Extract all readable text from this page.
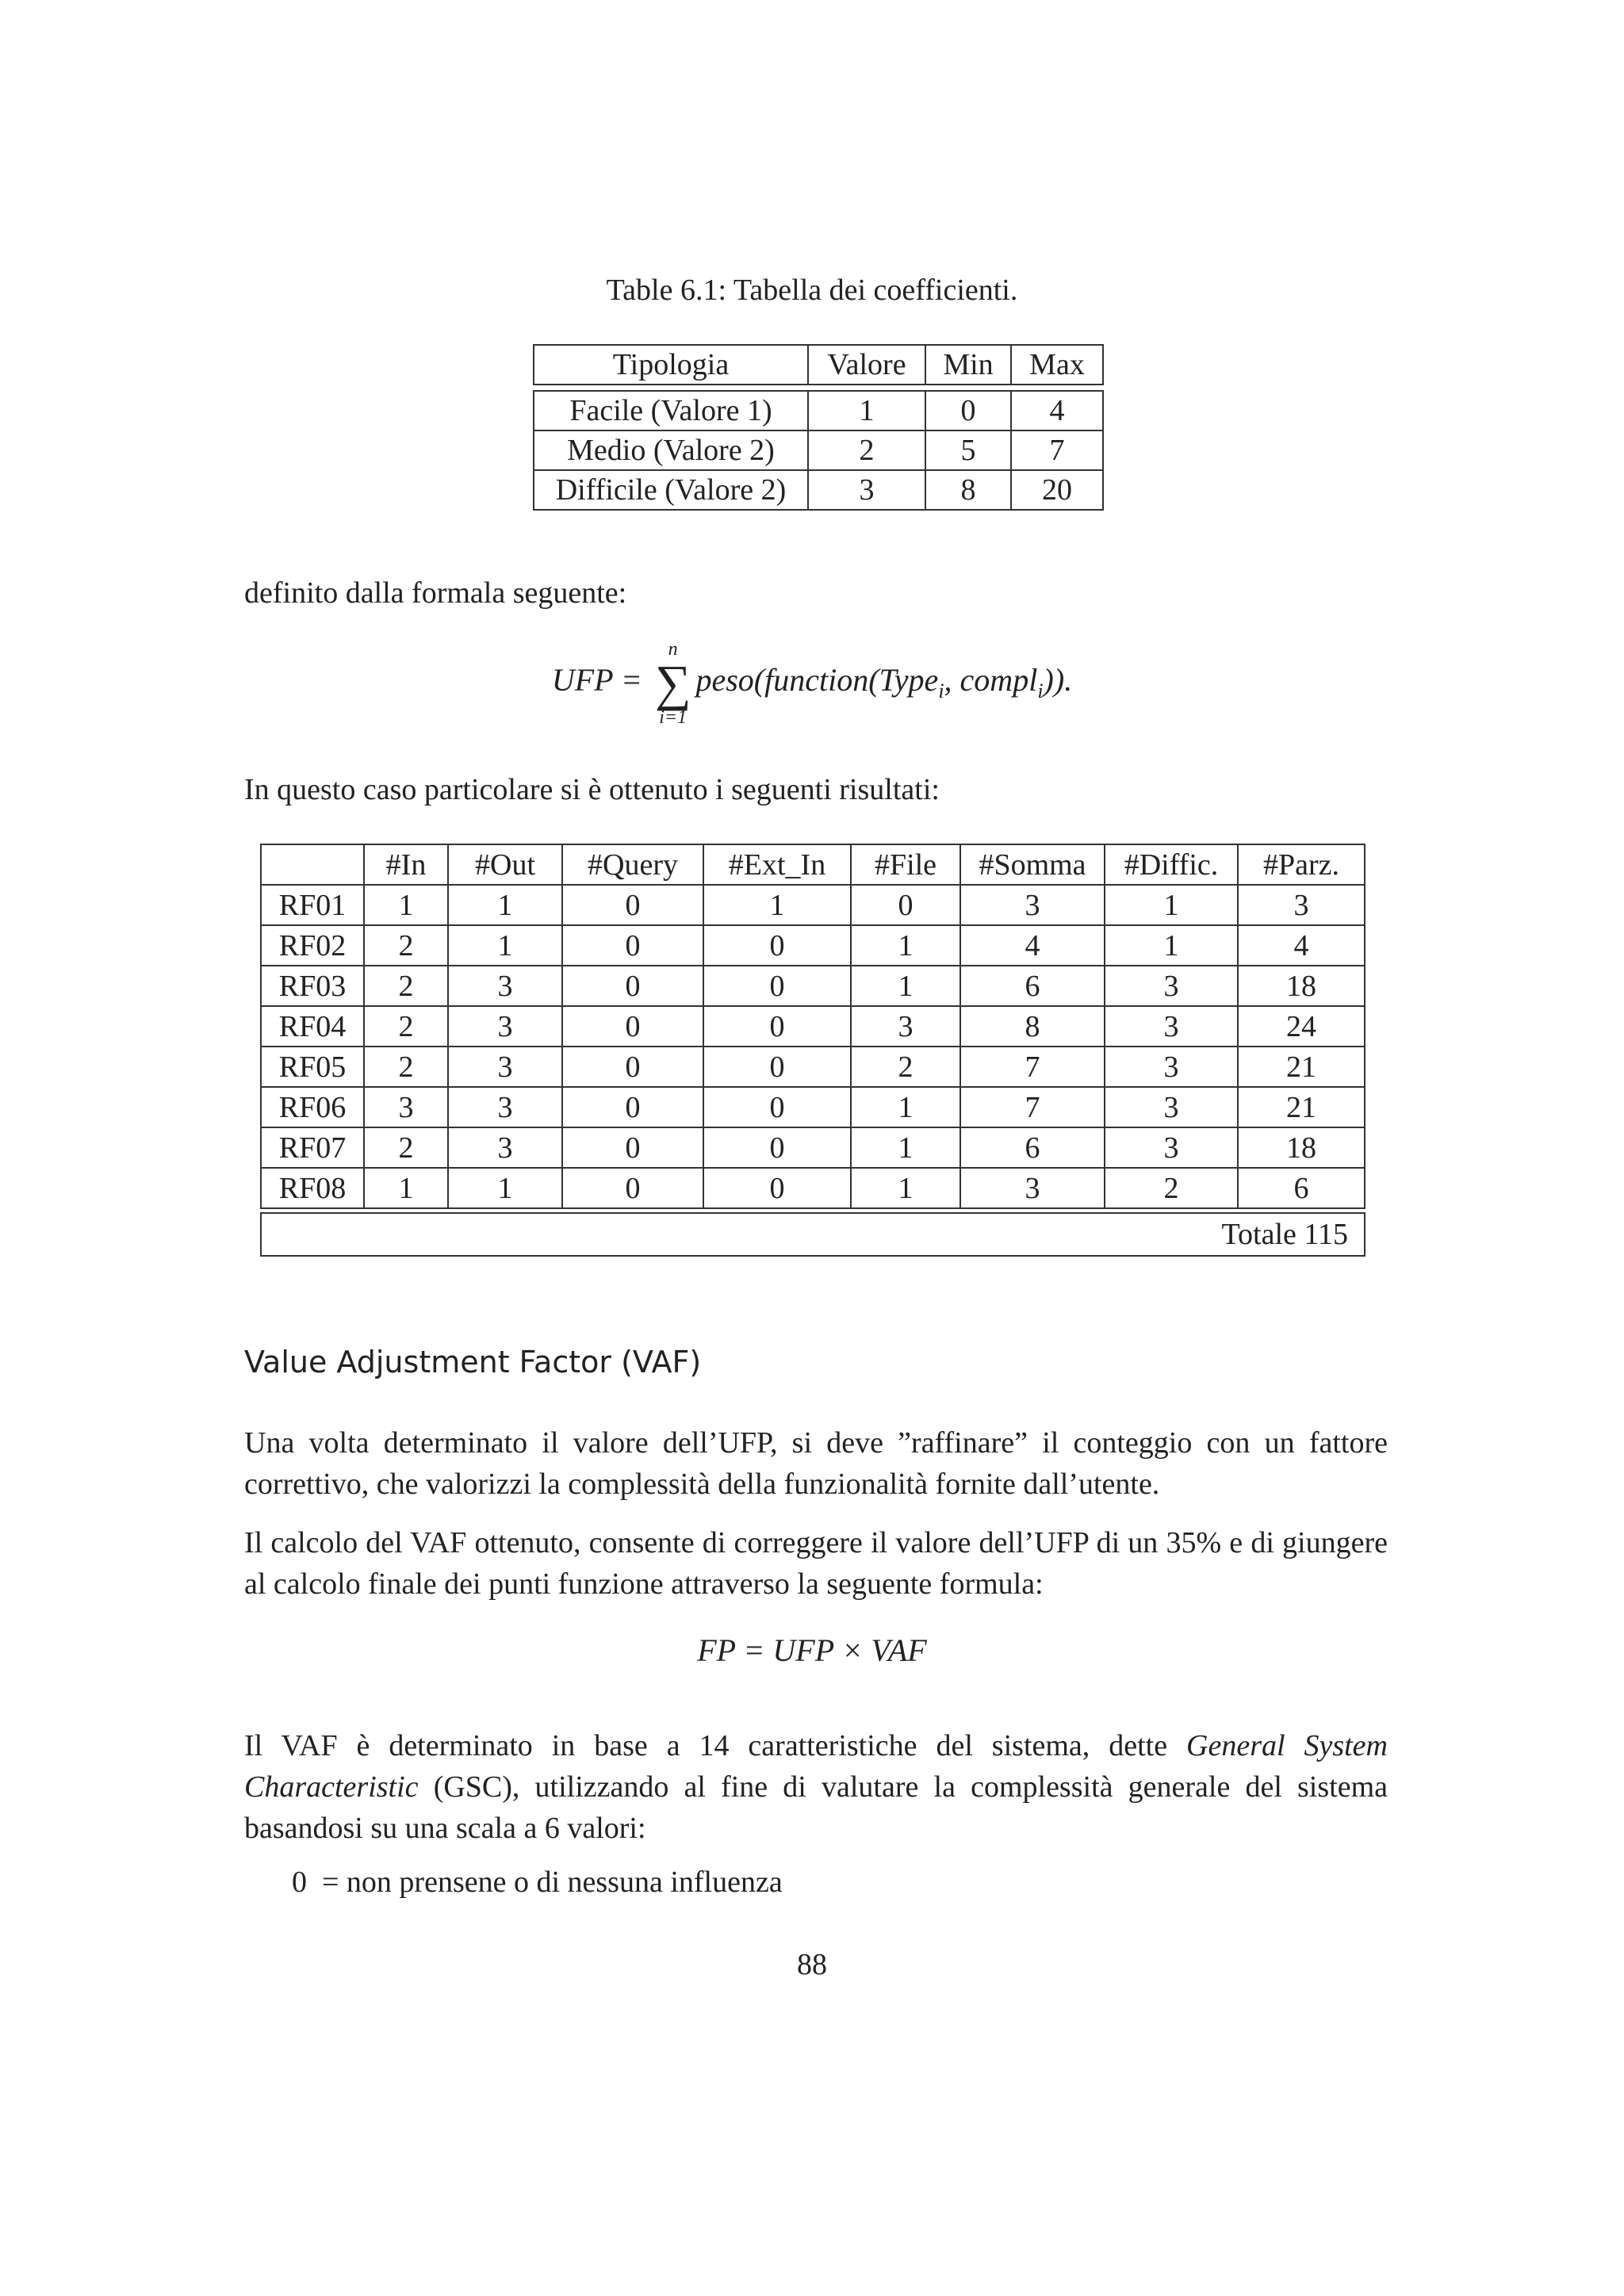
Table 6.1: Tabella dei coefficienti.
Tipologia	Valore	Min	Max

Facile (Valore 1)	1	0	4
Medio (Valore 2)	2	5	7
Difficile (Valore 2)	3	8	20
definito dalla formala seguente:
UFP =
n
∑
i=1
peso(function(Type$_i$, compl$_i$)).
In questo caso particolare si è ottenuto i seguenti risultati:
	#In	#Out	#Query	#Ext_In	#File	#Somma	#Diffic.	#Parz.
RF01	1	1	0	1	0	3	1	3
RF02	2	1	0	0	1	4	1	4
RF03	2	3	0	0	1	6	3	18
RF04	2	3	0	0	3	8	3	24
RF05	2	3	0	0	2	7	3	21
RF06	3	3	0	0	1	7	3	21
RF07	2	3	0	0	1	6	3	18
RF08	1	1	0	0	1	3	2	6

Totale 115								
Value Adjustment Factor (VAF)
Una volta determinato il valore dell’UFP, si deve ”raffinare” il conteggio con un fattore correttivo, che valorizzi la complessità della funzionalità fornite dall’utente.
Il calcolo del VAF ottenuto, consente di correggere il valore dell’UFP di un 35% e di giungere al calcolo finale dei punti funzione attraverso la seguente formula:
FP = UFP × VAF
Il VAF è determinato in base a 14 caratteristiche del sistema, dette General System Characteristic (GSC), utilizzando al fine di valutare la complessità generale del sistema basandosi su una scala a 6 valori:
0  = non prensene o di nessuna influenza
88
